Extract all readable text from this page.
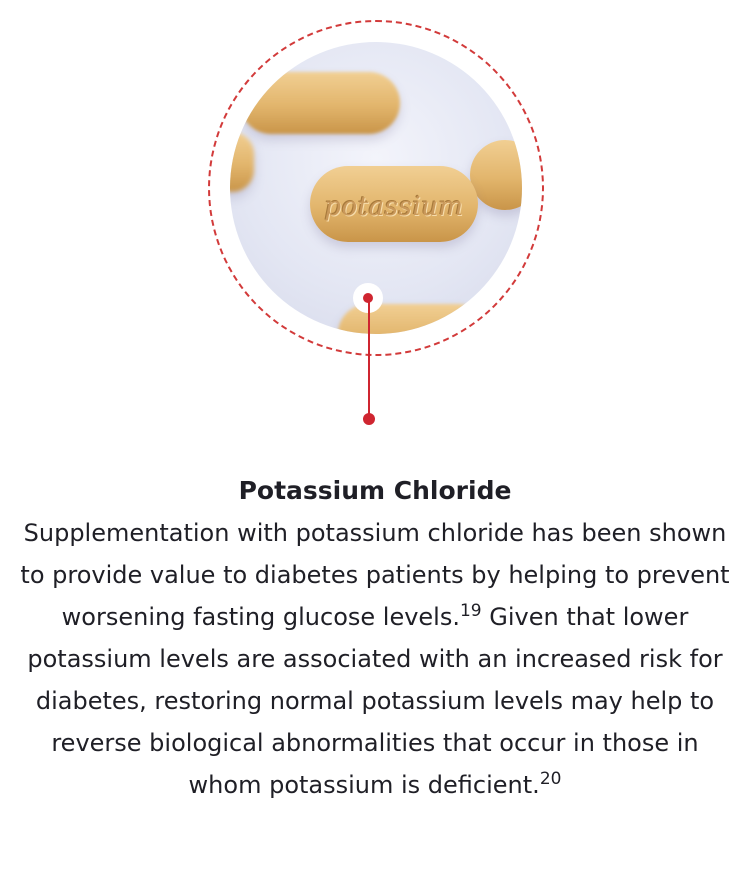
potassium
Potassium Chloride

Supplementation with potassium chloride has been shown to provide value to diabetes patients by helping to prevent worsening fasting glucose levels.$^{19}$ Given that lower potassium levels are associated with an increased risk for diabetes, restoring normal potassium levels may help to reverse biological abnormalities that occur in those in whom potassium is deficient.$^{20}$
